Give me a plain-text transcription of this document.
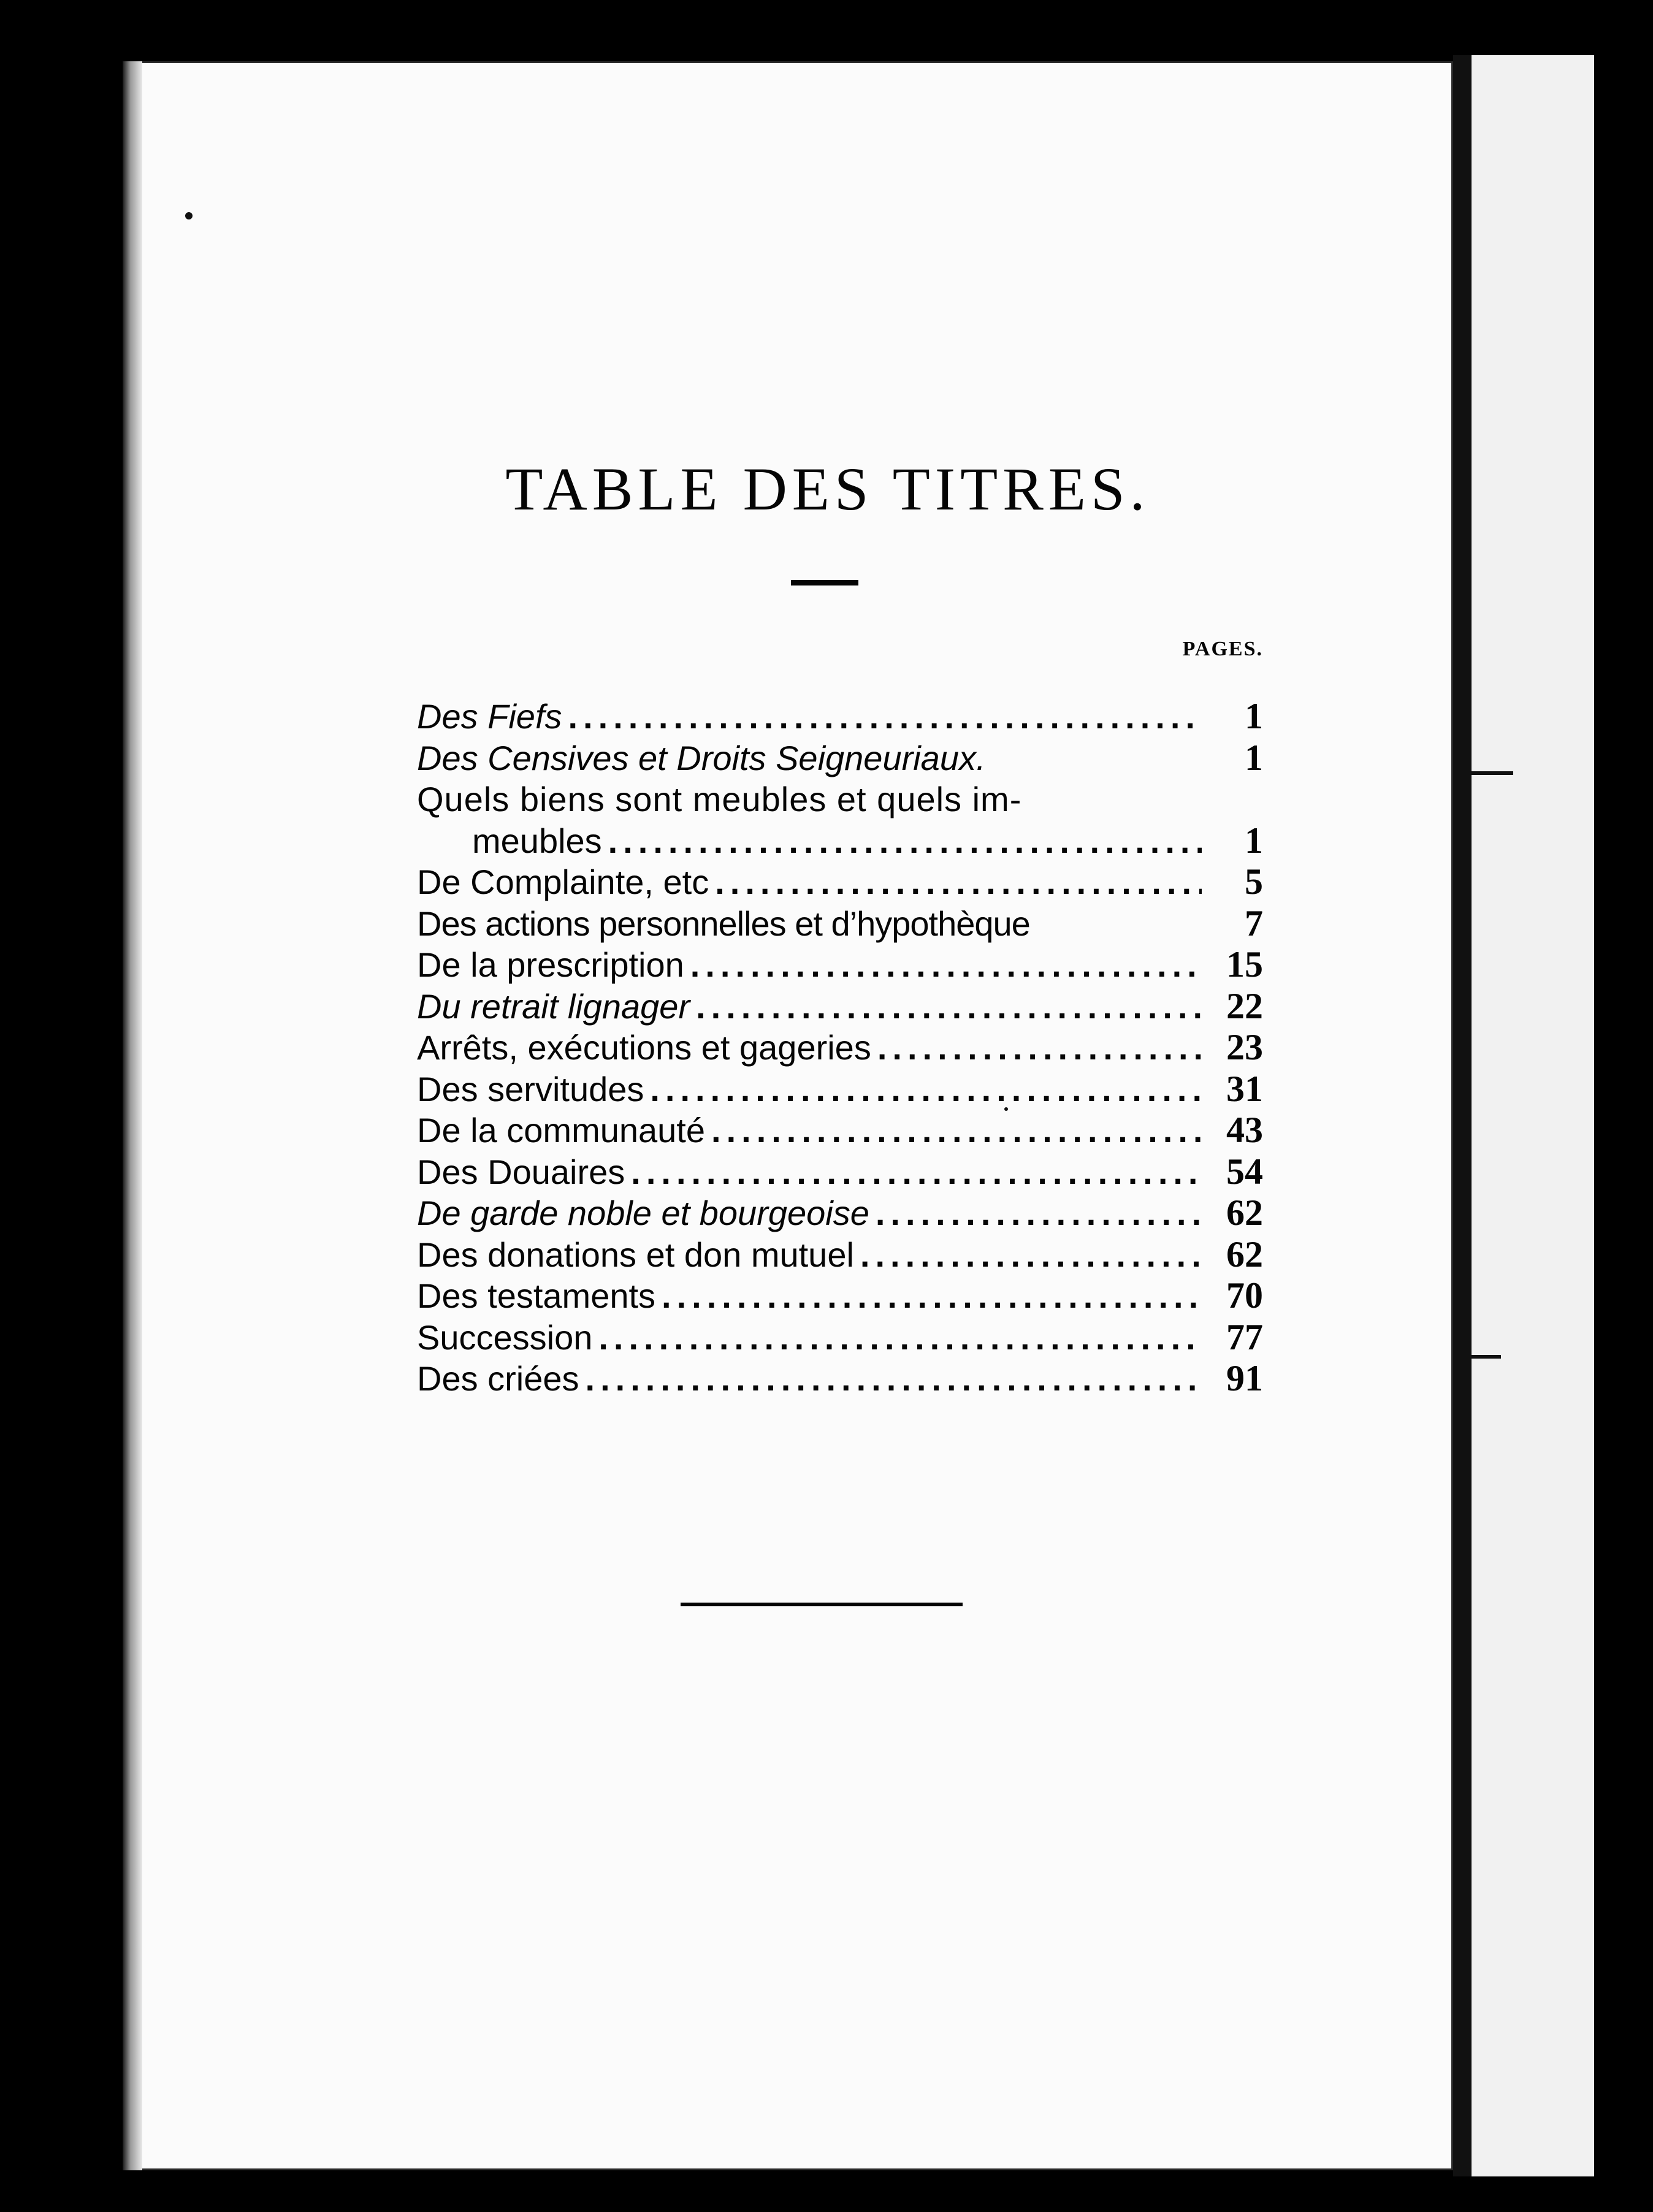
TABLE DES TITRES.
PAGES.
Des Fiefs .....	1
Des Censives et Droits Seigneuriaux.	1
Quels biens sont meubles et quels im-
meubles .....	1
De Complainte, etc .....	5
Des actions personnelles et d’hypothèque	7
De la prescription .....	15
Du retrait lignager .....	22
Arrêts, exécutions et gageries .....	23
Des servitudes .....	31
De la communauté .....	43
Des Douaires .....	54
De garde noble et bourgeoise .....	62
Des donations et don mutuel .....	62
Des testaments .....	70
Succession .....	77
Des criées .....	91
